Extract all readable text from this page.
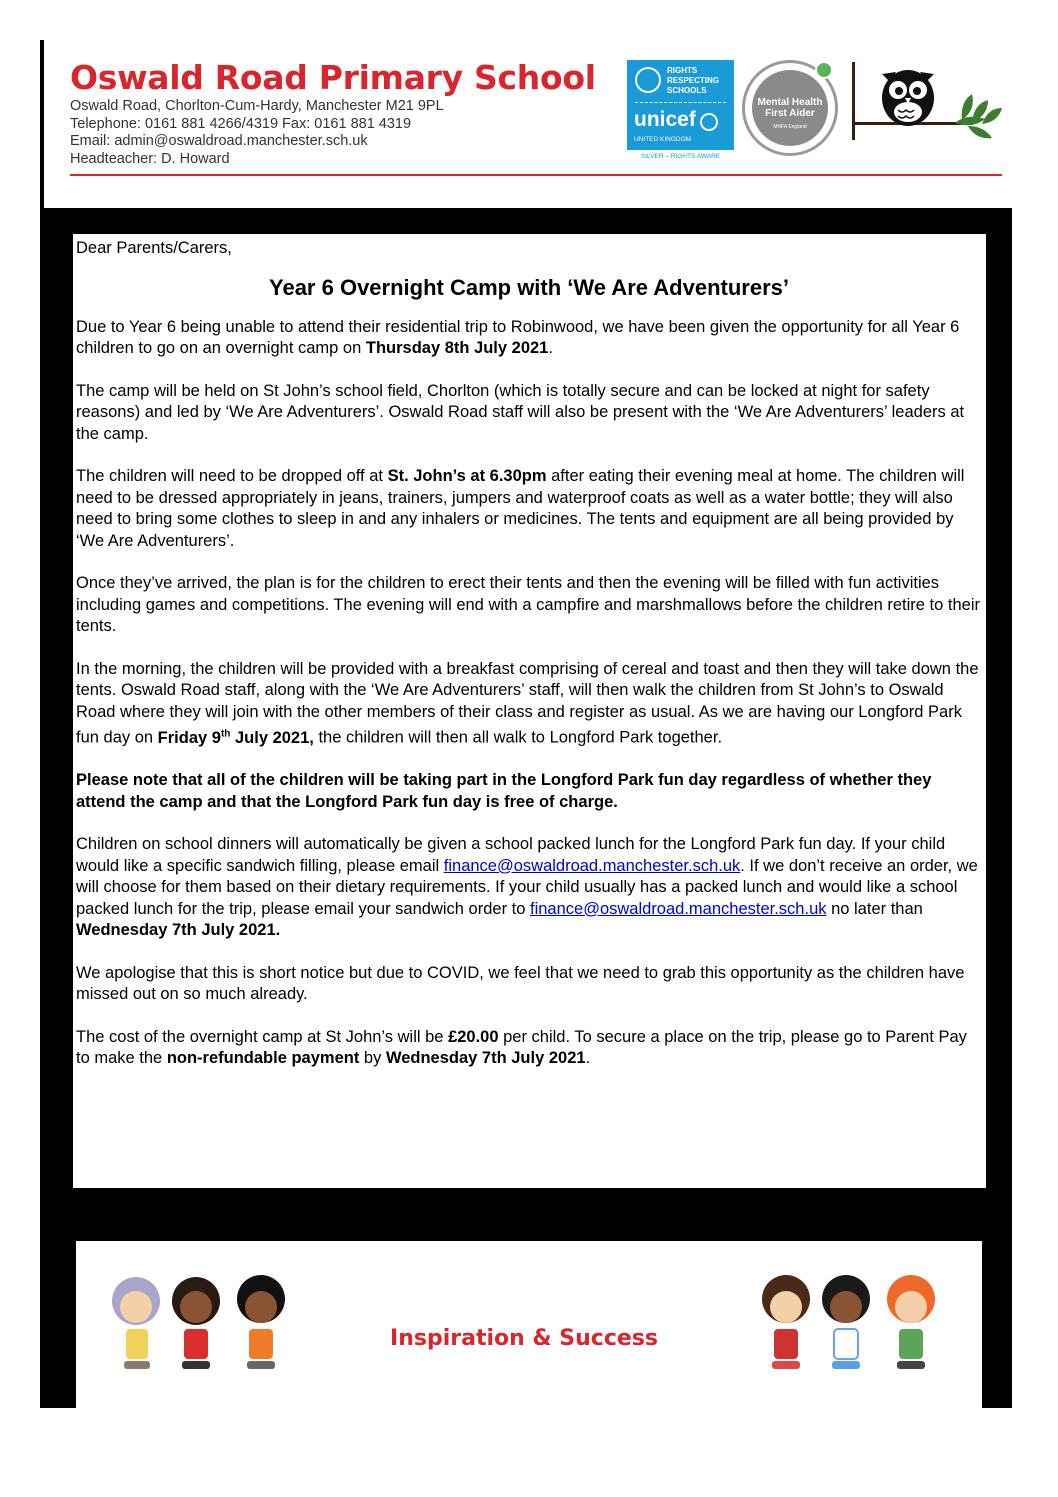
Oswald Road Primary School

Oswald Road, Chorlton-Cum-Hardy, Manchester M21 9PL

Telephone: 0161 881 4266/4319 Fax: 0161 881 4319

Email: admin@oswaldroad.manchester.sch.uk

Headteacher: D. Howard

RIGHTS RESPECTING SCHOOLS
unicef
UNITED KINGDOM
SILVER – RIGHTS AWARE
Mental Health First Aider
MHFA England

Dear Parents/Carers,

Year 6 Overnight Camp with ‘We Are Adventurers’

Due to Year 6 being unable to attend their residential trip to Robinwood, we have been given the opportunity for all Year 6 children to go on an overnight camp on Thursday 8th July 2021.

The camp will be held on St John’s school field, Chorlton (which is totally secure and can be locked at night for safety reasons) and led by ‘We Are Adventurers’. Oswald Road staff will also be present with the ‘We Are Adventurers’ leaders at the camp.

The children will need to be dropped off at St. John’s at 6.30pm after eating their evening meal at home. The children will need to be dressed appropriately in jeans, trainers, jumpers and waterproof coats as well as a water bottle; they will also need to bring some clothes to sleep in and any inhalers or medicines. The tents and equipment are all being provided by ‘We Are Adventurers’.

Once they’ve arrived, the plan is for the children to erect their tents and then the evening will be filled with fun activities including games and competitions. The evening will end with a campfire and marshmallows before the children retire to their tents.

In the morning, the children will be provided with a breakfast comprising of cereal and toast and then they will take down the tents. Oswald Road staff, along with the ‘We Are Adventurers’ staff, will then walk the children from St John’s to Oswald Road where they will join with the other members of their class and register as usual. As we are having our Longford Park fun day on Friday 9th July 2021, the children will then all walk to Longford Park together.

Please note that all of the children will be taking part in the Longford Park fun day regardless of whether they attend the camp and that the Longford Park fun day is free of charge.

Children on school dinners will automatically be given a school packed lunch for the Longford Park fun day. If your child would like a specific sandwich filling, please email finance@oswaldroad.manchester.sch.uk. If we don’t receive an order, we will choose for them based on their dietary requirements. If your child usually has a packed lunch and would like a school packed lunch for the trip, please email your sandwich order to finance@oswaldroad.manchester.sch.uk no later than Wednesday 7th July 2021.

We apologise that this is short notice but due to COVID, we feel that we need to grab this opportunity as the children have missed out on so much already.

The cost of the overnight camp at St John’s will be £20.00 per child. To secure a place on the trip, please go to Parent Pay to make the non-refundable payment by Wednesday 7th July 2021.

Inspiration & Success
